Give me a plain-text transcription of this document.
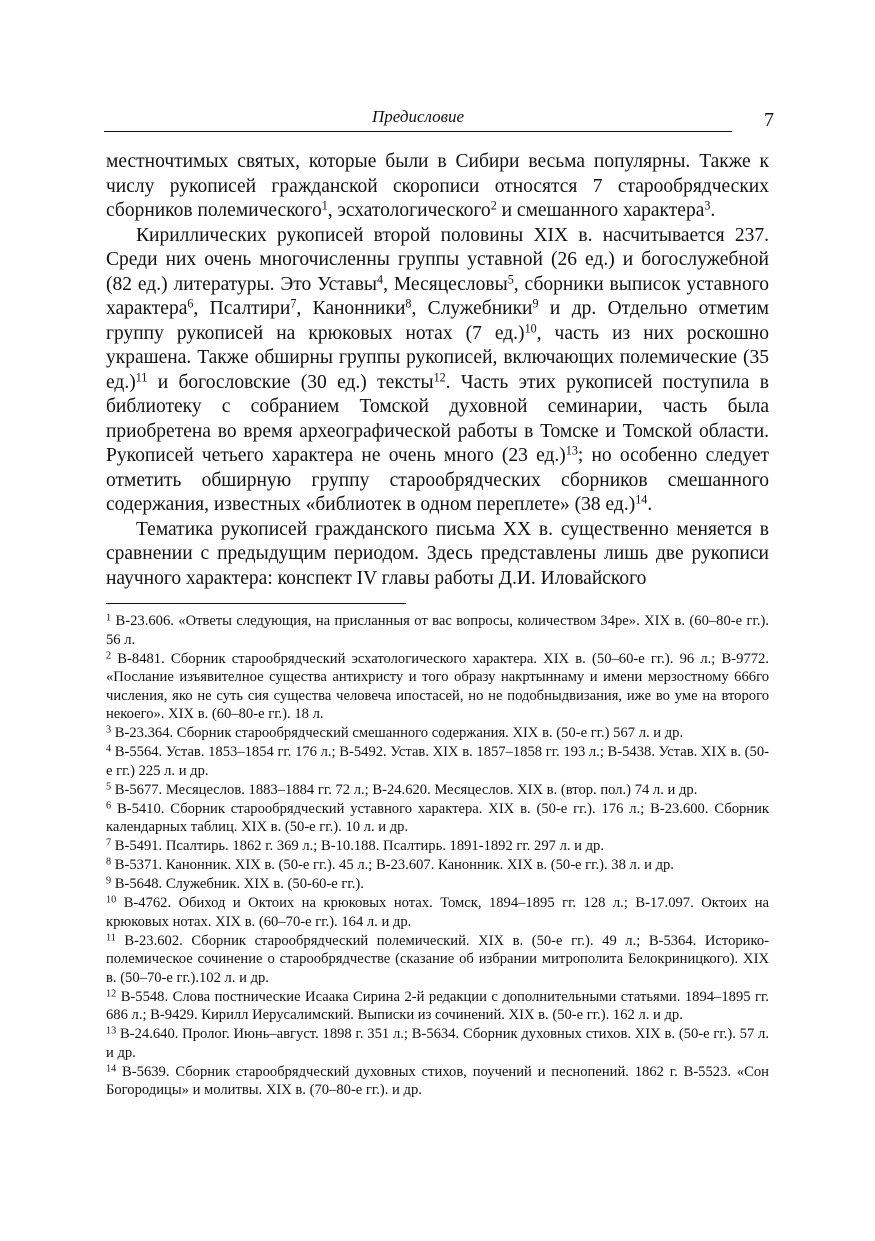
Предисловие	7

местночтимых святых, которые были в Сибири весьма популярны. Также к числу рукописей гражданской скорописи относятся 7 старообрядческих сборников полемического$^1$, эсхатологического$^2$ и смешанного характера$^3$.

Кириллических рукописей второй половины XIX в. насчитывается 237. Среди них очень многочисленны группы уставной (26 ед.) и богослужебной (82 ед.) литературы. Это Уставы$^4$, Месяцесловы$^5$, сборники выписок уставного характера$^6$, Псалтири$^7$, Канонники$^8$, Служебники$^9$ и др. Отдельно отметим группу рукописей на крюковых нотах (7 ед.)$^{10}$, часть из них роскошно украшена. Также обширны группы рукописей, включающих полемические (35 ед.)$^{11}$ и богословские (30 ед.) тексты$^{12}$. Часть этих рукописей поступила в библиотеку с собранием Томской духовной семинарии, часть была приобретена во время археографической работы в Томске и Томской области. Рукописей четьего характера не очень много (23 ед.)$^{13}$; но особенно следует отметить обширную группу старообрядческих сборников смешанного содержания, известных «библиотек в одном переплете» (38 ед.)$^{14}$.

Тематика рукописей гражданского письма XX в. существенно меняется в сравнении с предыдущим периодом. Здесь представлены лишь две рукописи научного характера: конспект IV главы работы Д.И. Иловайского

$^1$ В-23.606. «Ответы следующия, на присланныя от вас вопросы, количеством 34ре». XIX в. (60–80-е гг.). 56 л.

$^2$ В-8481. Сборник старообрядческий эсхатологического характера. XIX в. (50–60-е гг.). 96 л.; В-9772. «Послание изъявителное существа антихристу и того образу накртыннаму и имени мерзостному 666го числения, яко не суть сия существа человеча ипостасей, но не подобныдвизания, иже во уме на второго некоего». XIX в. (60–80-е гг.). 18 л.

$^3$ В-23.364. Сборник старообрядческий смешанного содержания. XIX в. (50-е гг.) 567 л. и др.

$^4$ В-5564. Устав. 1853–1854 гг. 176 л.; В-5492. Устав. XIX в. 1857–1858 гг. 193 л.; В-5438. Устав. XIX в. (50-е гг.) 225 л. и др.

$^5$ В-5677. Месяцеслов. 1883–1884 гг. 72 л.; В-24.620. Месяцеслов. XIX в. (втор. пол.) 74 л. и др.

$^6$ В-5410. Сборник старообрядческий уставного характера. XIX в. (50-е гг.). 176 л.; В-23.600. Сборник календарных таблиц. XIX в. (50-е гг.). 10 л. и др.

$^7$ В-5491. Псалтирь. 1862 г. 369 л.; В-10.188. Псалтирь. 1891-1892 гг. 297 л. и др.

$^8$ В-5371. Канонник. XIX в. (50-е гг.). 45 л.; В-23.607. Канонник. XIX в. (50-е гг.). 38 л. и др.

$^9$ В-5648. Служебник. XIX в. (50-60-е гг.).

$^{10}$ В-4762. Обиход и Октоих на крюковых нотах. Томск, 1894–1895 гг. 128 л.; В-17.097. Октоих на крюковых нотах. XIX в. (60–70-е гг.). 164 л. и др.

$^{11}$ В-23.602. Сборник старообрядческий полемический. XIX в. (50-е гг.). 49 л.; В-5364. Историко-полемическое сочинение о старообрядчестве (сказание об избрании митрополита Белокриницкого). XIX в. (50–70-е гг.).102 л. и др.

$^{12}$ В-5548. Слова постнические Исаака Сирина 2-й редакции с дополнительными статьями. 1894–1895 гг. 686 л.; В-9429. Кирилл Иерусалимский. Выписки из сочинений. XIX в. (50-е гг.). 162 л. и др.

$^{13}$ В-24.640. Пролог. Июнь–август. 1898 г. 351 л.; В-5634. Сборник духовных стихов. XIX в. (50-е гг.). 57 л. и др.

$^{14}$ В-5639. Сборник старообрядческий духовных стихов, поучений и песнопений. 1862 г. В-5523. «Сон Богородицы» и молитвы. XIX в. (70–80-е гг.). и др.
